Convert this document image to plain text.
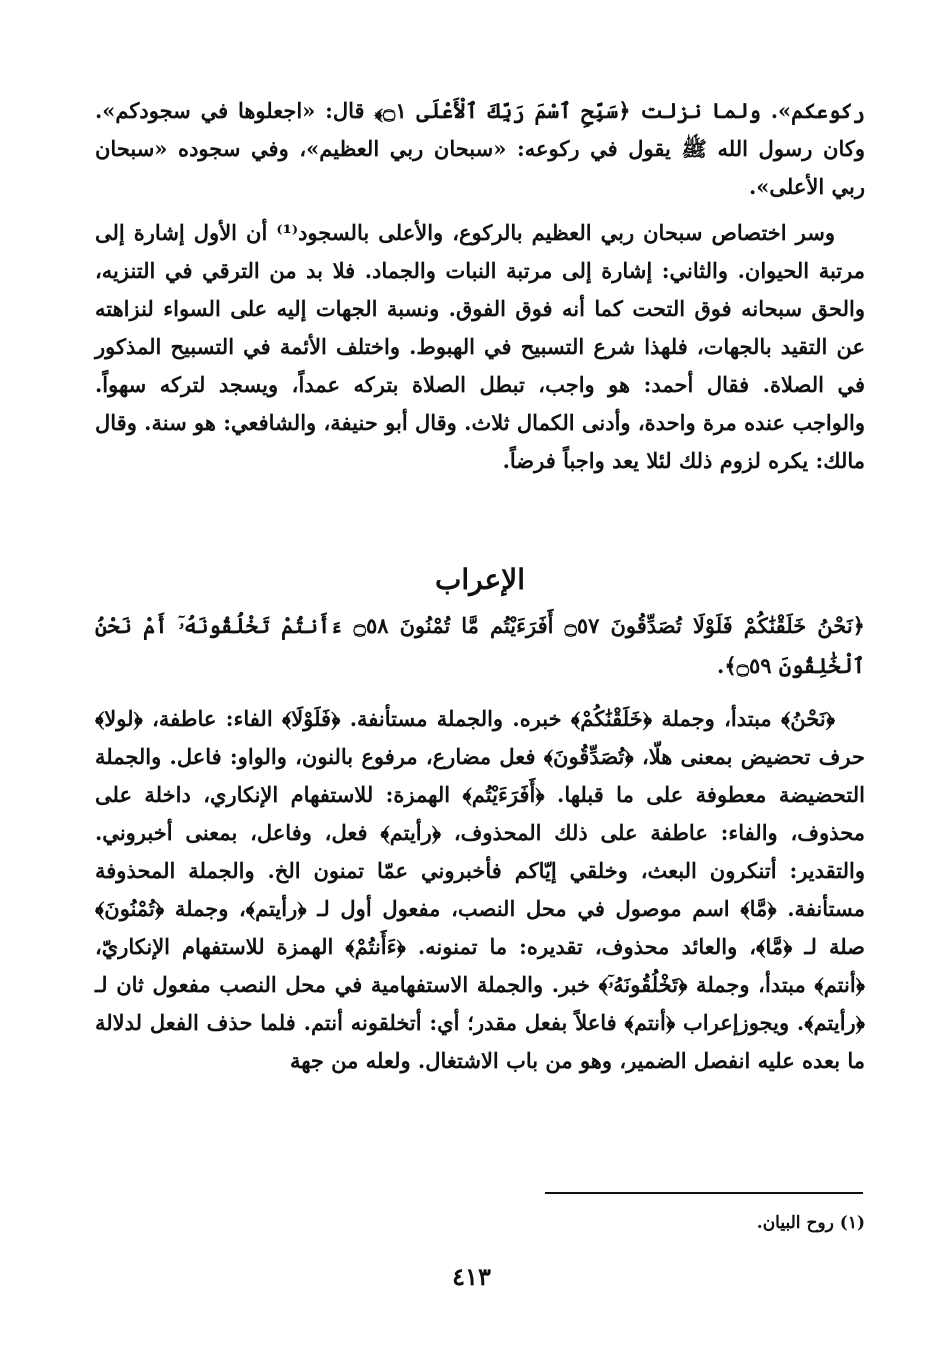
ركوعكم». ولما نزلت ﴿سَبِّحِ ٱسْمَ رَبِّكَ ٱلْأَعْلَى ۝١﴾ قال: «اجعلوها في سجودكم». وكان رسول الله ﷺ يقول في ركوعه: «سبحان ربي العظيم»، وفي سجوده «سبحان ربي الأعلى».

وسر اختصاص سبحان ربي العظيم بالركوع، والأعلى بالسجود⁽¹⁾ أن الأول إشارة إلى مرتبة الحيوان. والثاني: إشارة إلى مرتبة النبات والجماد. فلا بد من الترقي في التنزيه، والحق سبحانه فوق التحت كما أنه فوق الفوق. ونسبة الجهات إليه على السواء لنزاهته عن التقيد بالجهات، فلهذا شرع التسبيح في الهبوط. واختلف الأئمة في التسبيح المذكور في الصلاة. فقال أحمد: هو واجب، تبطل الصلاة بتركه عمداً، ويسجد لتركه سهواً. والواجب عنده مرة واحدة، وأدنى الكمال ثلاث. وقال أبو حنيفة، والشافعي: هو سنة. وقال مالك: يكره لزوم ذلك لئلا يعد واجباً فرضاً.

الإعراب
﴿نَحْنُ خَلَقْنَٰكُمْ فَلَوْلَا تُصَدِّقُونَ ۝٥٧ أَفَرَءَيْتُم مَّا تُمْنُونَ ۝٥٨ ءَأَنتُمْ تَخْلُقُونَهُۥٓ أَمْ نَحْنُ ٱلْخَٰلِقُونَ ۝٥٩﴾.
﴿نَحْنُ﴾ مبتدأ، وجملة ﴿خَلَقْنَٰكُمْ﴾ خبره. والجملة مستأنفة. ﴿فَلَوْلَا﴾ الفاء: عاطفة، ﴿لولا﴾ حرف تحضيض بمعنى هلّا، ﴿تُصَدِّقُونَ﴾ فعل مضارع، مرفوع بالنون، والواو: فاعل. والجملة التحضيضة معطوفة على ما قبلها. ﴿أَفَرَءَيْتُم﴾ الهمزة: للاستفهام الإنكاري، داخلة على محذوف، والفاء: عاطفة على ذلك المحذوف، ﴿رأيتم﴾ فعل، وفاعل، بمعنى أخبروني. والتقدير: أتنكرون البعث، وخلقي إيّاكم فأخبروني عمّا تمنون الخ. والجملة المحذوفة مستأنفة. ﴿مَّا﴾ اسم موصول في محل النصب، مفعول أول لـ ﴿رأيتم﴾، وجملة ﴿تُمْنُونَ﴾ صلة لـ ﴿مَّا﴾، والعائد محذوف، تقديره: ما تمنونه. ﴿ءَأَنتُمْ﴾ الهمزة للاستفهام الإنكاريّ، ﴿أنتم﴾ مبتدأ، وجملة ﴿تَخْلُقُونَهُۥٓ﴾ خبر. والجملة الاستفهامية في محل النصب مفعول ثان لـ ﴿رأيتم﴾. ويجوزإعراب ﴿أنتم﴾ فاعلاً بفعل مقدر؛ أي: أتخلقونه أنتم. فلما حذف الفعل لدلالة ما بعده عليه انفصل الضمير، وهو من باب الاشتغال. ولعله من جهة
(١) روح البيان.
٤١٣
